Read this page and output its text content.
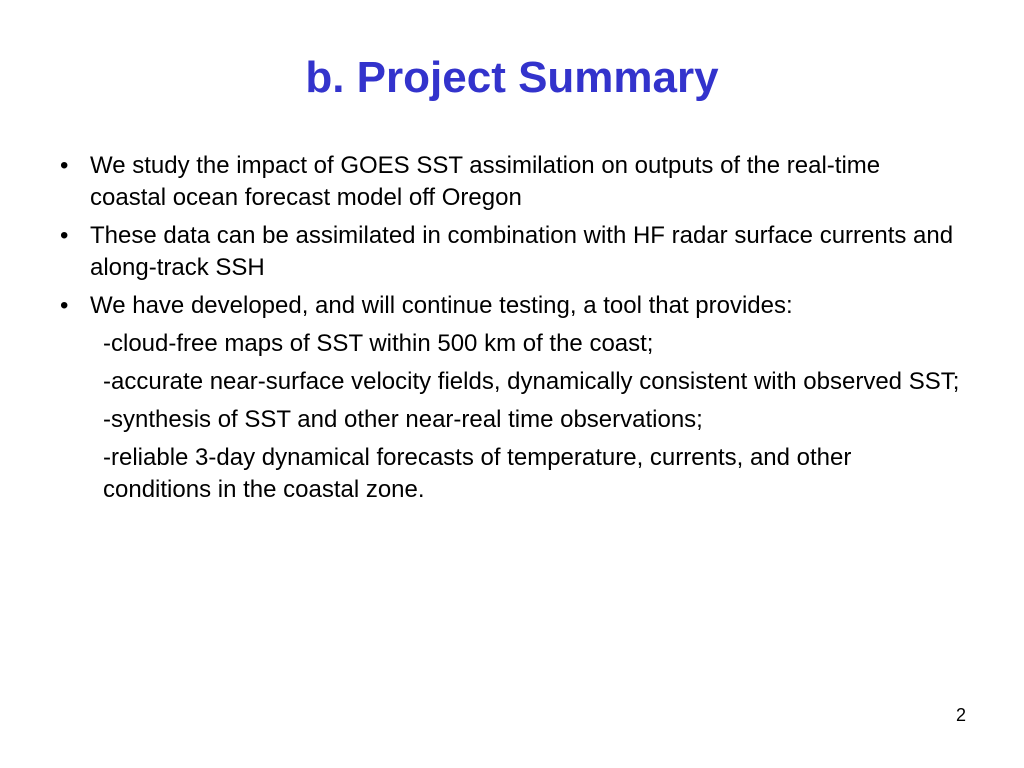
b. Project Summary
• We study the impact of GOES SST assimilation on outputs of the real-time coastal ocean forecast model off Oregon
• These data can be assimilated in combination with HF radar surface currents and along-track SSH
• We have developed, and will continue testing, a tool that provides:
-cloud-free maps of SST within 500 km of the coast;
-accurate near-surface velocity fields, dynamically consistent with observed SST;
-synthesis of SST and other near-real time observations;
-reliable 3-day dynamical forecasts of temperature, currents, and other conditions in the coastal zone.
2
